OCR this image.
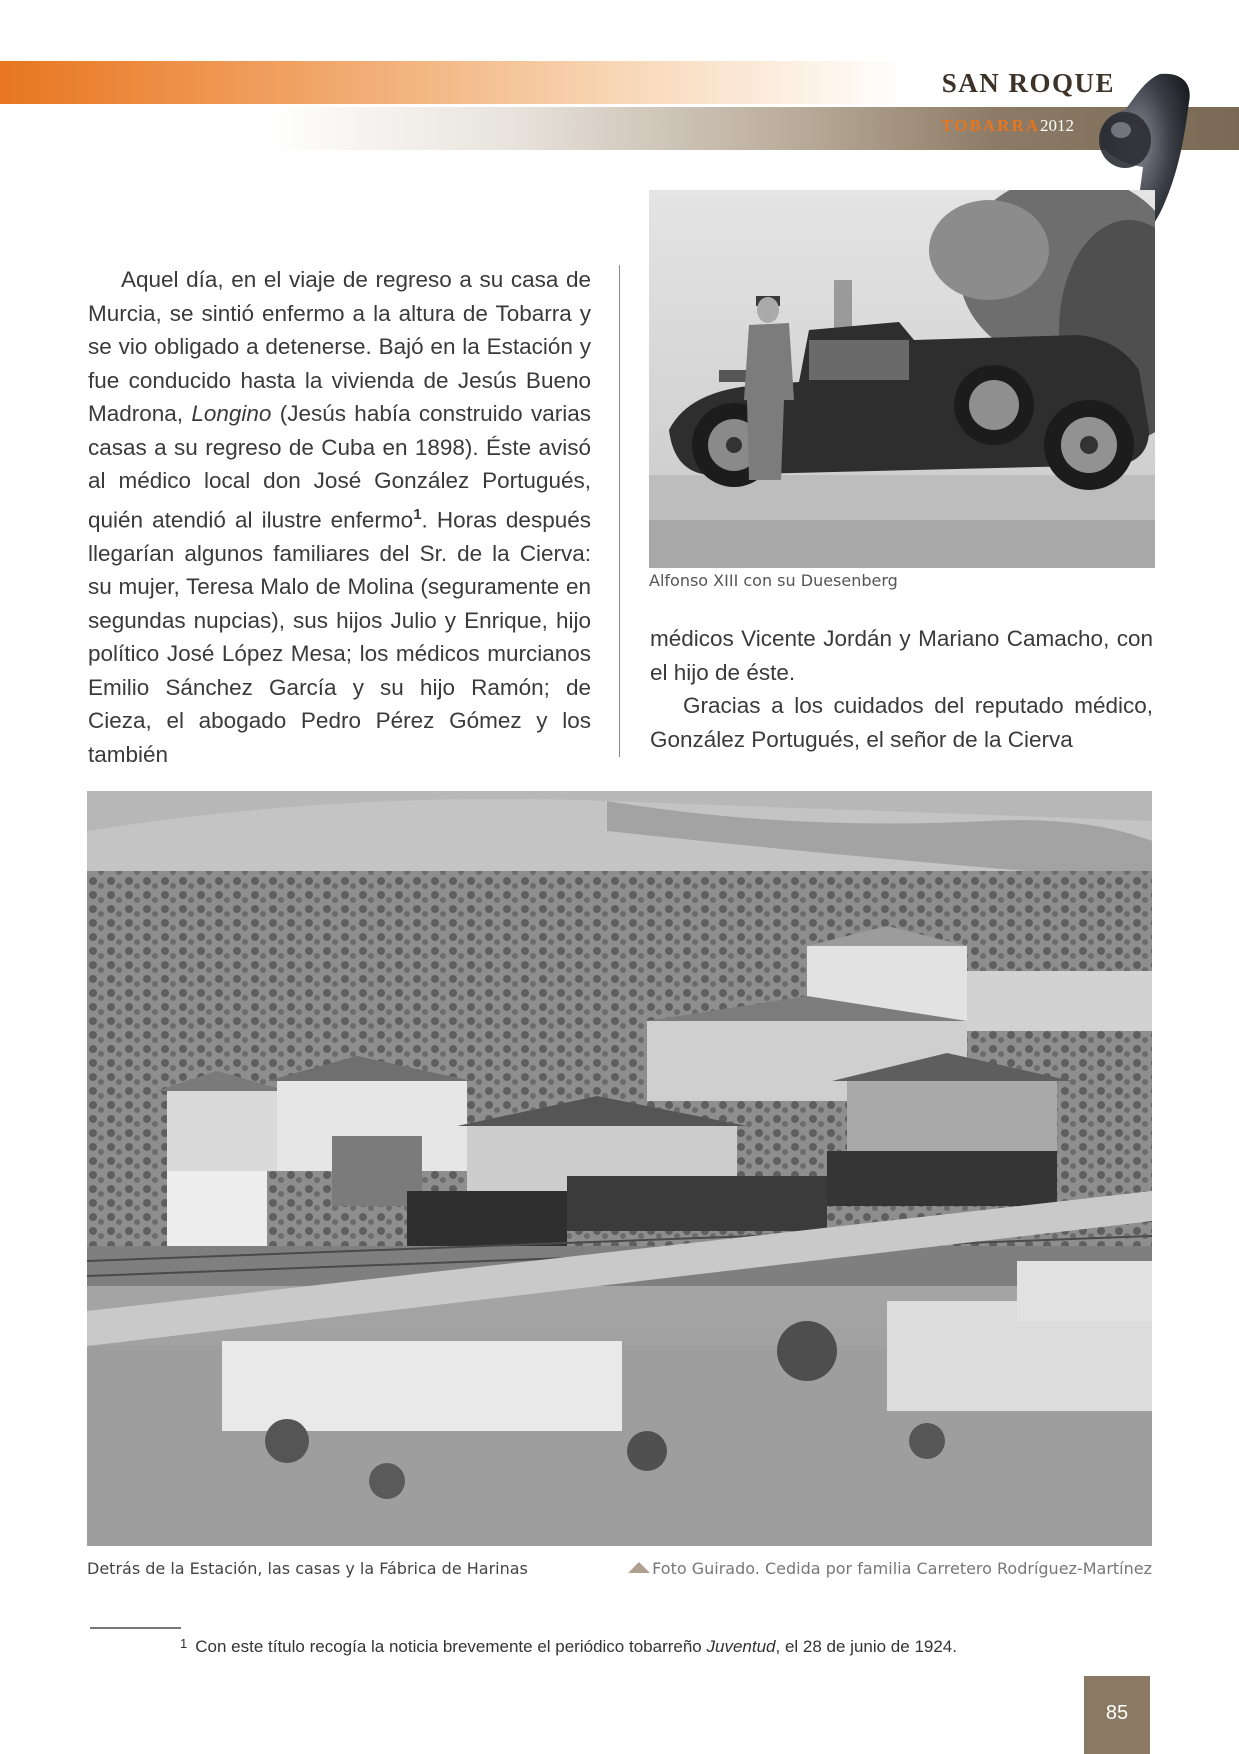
SAN ROQUE
TOBARRA2012

Aquel día, en el viaje de regreso a su casa de Murcia, se sintió enfermo a la altura de Tobarra y se vio obligado a detenerse. Bajó en la Estación y fue conducido hasta la vivienda de Jesús Bueno Madrona, Longino (Jesús había construido varias casas a su regreso de Cuba en 1898). Éste avisó al médico local don José González Portugués, quién atendió al ilustre enfermo$^1$. Horas después llegarían algunos familiares del Sr. de la Cierva: su mujer, Teresa Malo de Molina (seguramente en segundas nupcias), sus hijos Julio y Enrique, hijo político José López Mesa; los médicos murcianos Emilio Sánchez García y su hijo Ramón; de Cieza, el abogado Pedro Pérez Gómez y los también

Alfonso XIII con su Duesenberg

médicos Vicente Jordán y Mariano Camacho, con el hijo de éste.

Gracias a los cuidados del reputado médico, González Portugués, el señor de la Cierva

Detrás de la Estación, las casas y la Fábrica de Harinas	Foto Guirado. Cedida por familia Carretero Rodríguez-Martínez
$^1$ Con este título recogía la noticia brevemente el periódico tobarreño Juventud, el 28 de junio de 1924.
85
